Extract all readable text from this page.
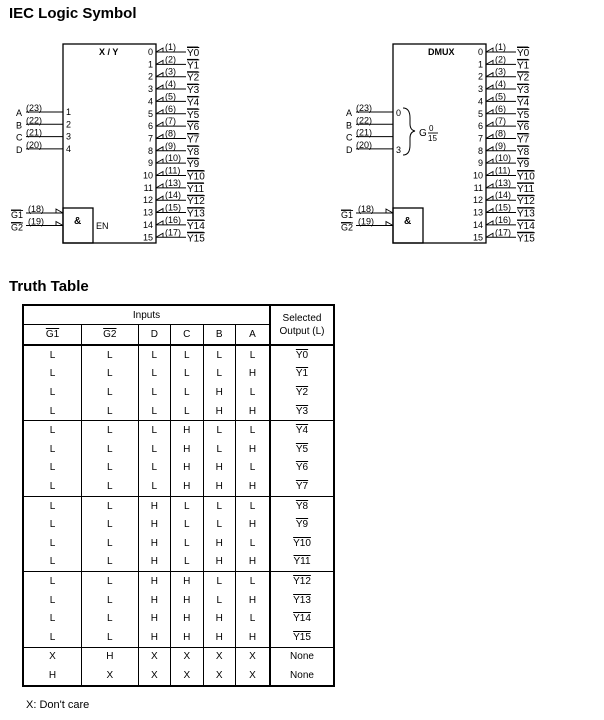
IEC Logic Symbol
X / Y	0 (1)
Y0
1 (2)
Y1
2 (3)
Y2
3 (4)
Y3
4 (5)
Y4
5 (6)
Y5
6
(7)
Y6
7 (8)
Y7
8 (9)
Y8
9 (10)
Y9
10 (11)
Y10
11 (13)
Y11
12 (14)
Y12
13 (15)
Y13
14 (16)
Y14
15 (17)
Y15
A (23)	1
B (22)	2
C (21)	3
D (20)	4
& EN
G1
(18)
G2
(19)
DMUX	0 (1)
Y0
1 (2)
Y1
2 (3)
Y2
3 (4)
Y3
4 (5)
Y4
5 (6)
Y5
6
(7)
Y6
7 (8)
Y7
8 (9)
Y8
9 (10)
Y9
10 (11)
Y10
11 (13)
Y11
12 (14)
Y12
13 (15)
Y13
14 (16)
Y14
15 (17)
Y15
A (23)
B (22)
C (21)
D (20)
0
3
G 0
15
&
G1
(18)
G2
(19)
Truth Table
Inputs						Selected
Output (L)
G1	G2	D	C	B	A	
L	L	L	L	L	L	Y0
L	L	L	L	L	H	Y1
L	L	L	L	H	L	Y2
L	L	L	L	H	H	Y3
L	L	L	H	L	L	Y4
L	L	L	H	L	H	Y5
L	L	L	H	H	L	Y6
L	L	L	H	H	H	Y7
L	L	H	L	L	L	Y8
L	L	H	L	L	H	Y9
L	L	H	L	H	L	Y10
L	L	H	L	H	H	Y11
L	L	H	H	L	L	Y12
L	L	H	H	L	H	Y13
L	L	H	H	H	L	Y14
L	L	H	H	H	H	Y15
X	H	X	X	X	X	None
H	X	X	X	X	X	None

X: Don't care
